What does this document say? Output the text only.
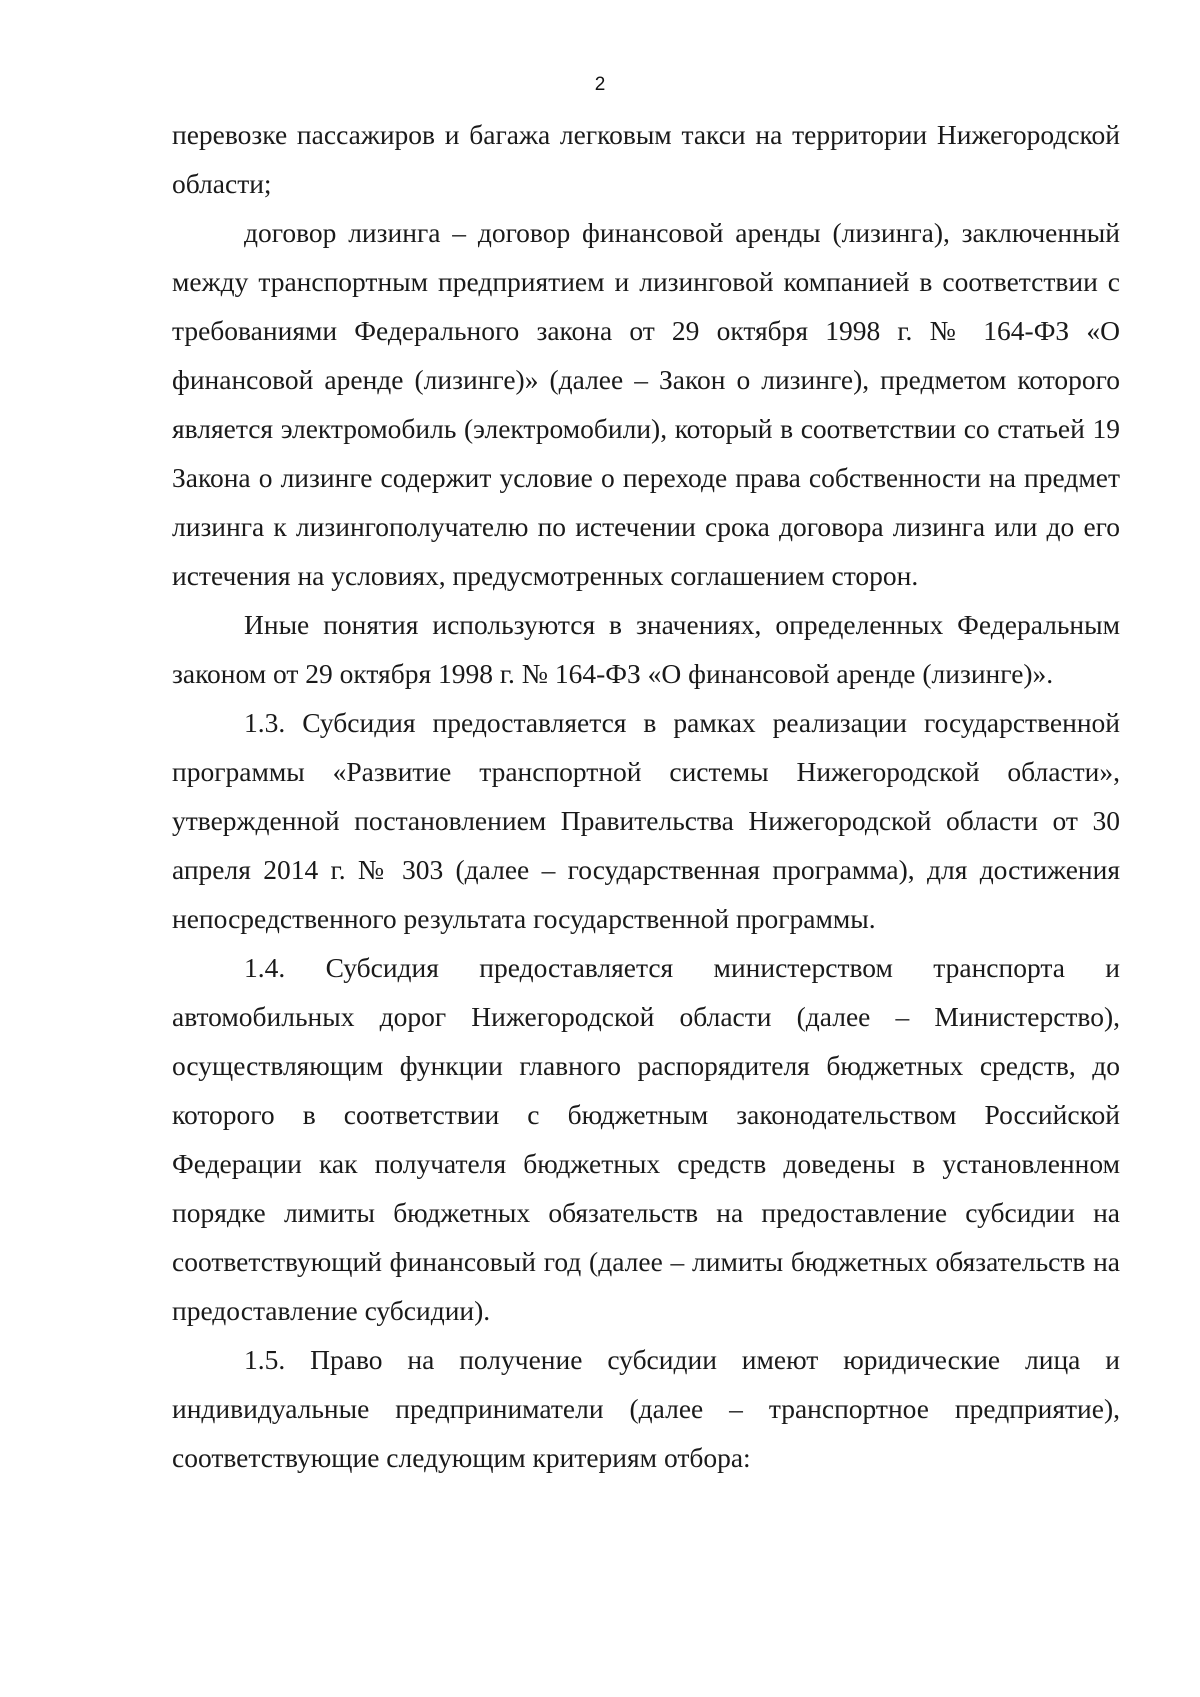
2

перевозке пассажиров и багажа легковым такси на территории Нижегородской области;

договор лизинга – договор финансовой аренды (лизинга), заключенный между транспортным предприятием и лизинговой компанией в соответствии с требованиями Федерального закона от 29 октября 1998 г. № 164-ФЗ «О финансовой аренде (лизинге)» (далее – Закон о лизинге), предметом которого является электромобиль (электромобили), который в соответствии со статьей 19 Закона о лизинге содержит условие о переходе права собственности на предмет лизинга к лизингополучателю по истечении срока договора лизинга или до его истечения на условиях, предусмотренных соглашением сторон.

Иные понятия используются в значениях, определенных Федеральным законом от 29 октября 1998 г. № 164-ФЗ «О финансовой аренде (лизинге)».

1.3. Субсидия предоставляется в рамках реализации государственной программы «Развитие транспортной системы Нижегородской области», утвержденной постановлением Правительства Нижегородской области от 30 апреля 2014 г. № 303 (далее – государственная программа), для достижения непосредственного результата государственной программы.

1.4. Субсидия предоставляется министерством транспорта и автомобильных дорог Нижегородской области (далее – Министерство), осуществляющим функции главного распорядителя бюджетных средств, до которого в соответствии с бюджетным законодательством Российской Федерации как получателя бюджетных средств доведены в установленном порядке лимиты бюджетных обязательств на предоставление субсидии на соответствующий финансовый год (далее – лимиты бюджетных обязательств на предоставление субсидии).

1.5. Право на получение субсидии имеют юридические лица и индивидуальные предприниматели (далее – транспортное предприятие), соответствующие следующим критериям отбора:
